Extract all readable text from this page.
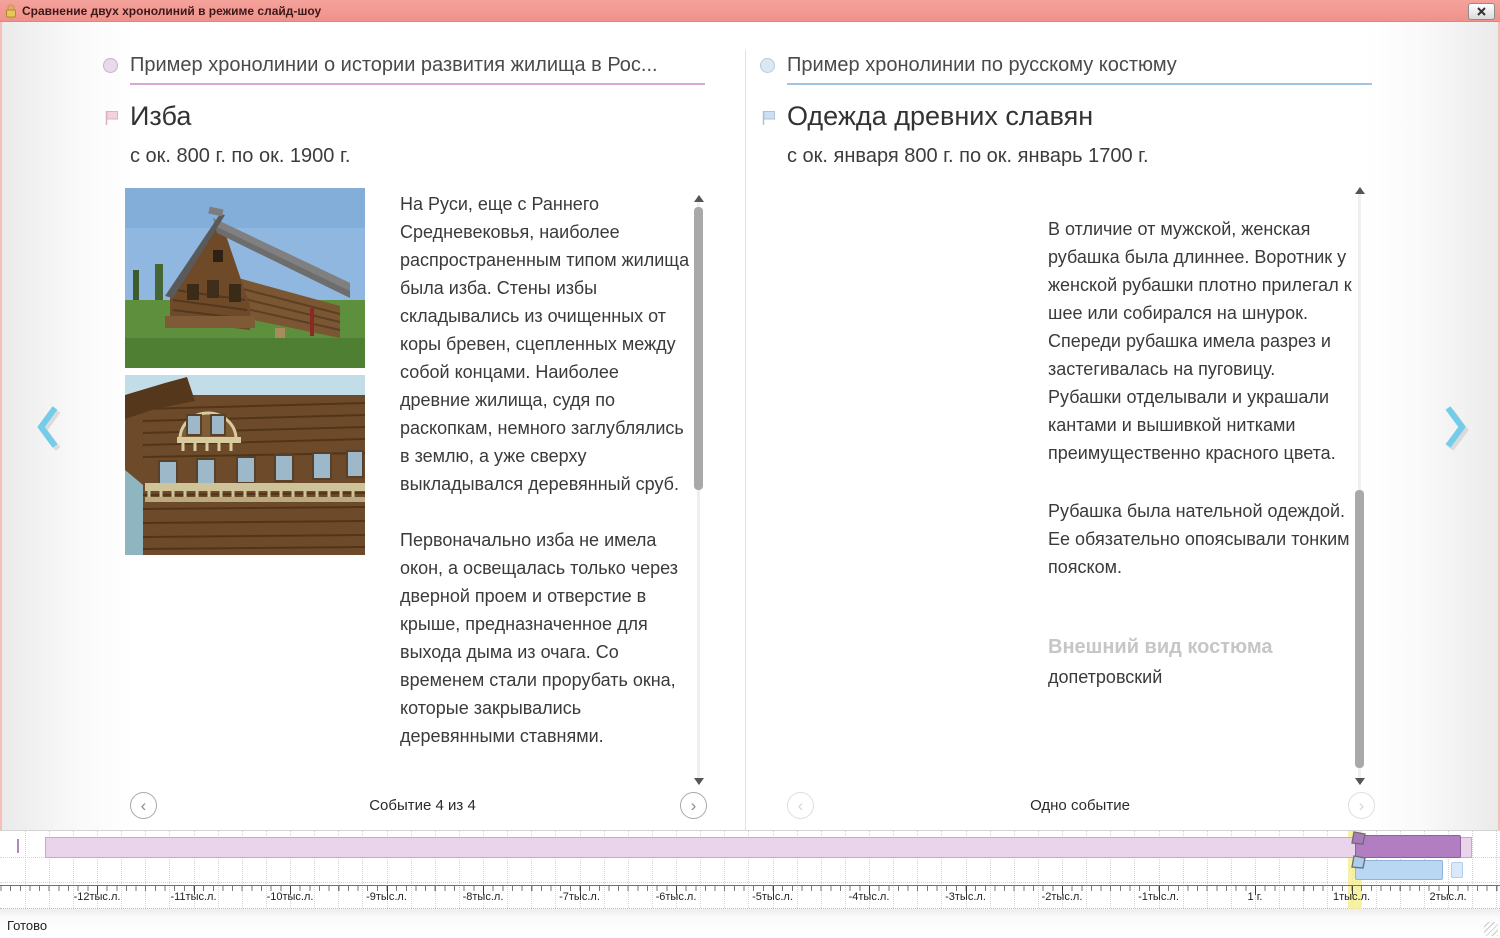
Сравнение двух хронолиний в режиме слайд-шоу
Пример хронолинии о истории развития жилища в Рос...
Изба
с ок. 800 г. по ок. 1900 г.

На Руси, еще с Раннего Средневековья, наиболее распространенным типом жилища была изба. Стены избы складывались из очищенных от коры бревен, сцепленных между собой концами. Наиболее древние жилища, судя по раскопкам, немного заглублялись в землю, а уже сверху выкладывался деревянный сруб.

Первоначально изба не имела окон, а освещалась только через дверной проем и отверстие в крыше, предназначенное для выхода дыма из очага. Со временем стали прорубать окна, которые закрывались деревянными ставнями.

‹	Событие 4 из 4	›
Пример хронолинии по русскому костюму
Одежда древних славян
с ок. января 800 г. по ок. январь 1700 г.

В отличие от мужской, женская рубашка была длиннее. Воротник у женской рубашки плотно прилегал к шее или собирался на шнурок. Спереди рубашка имела разрез и застегивалась на пуговицу. Рубашки отделывали и украшали кантами и вышивкой нитками преимущественно красного цвета.

Рубашка была нательной одеждой. Ее обязательно опоясывали тонким пояском.

Внешний вид костюма

допетровский

‹	Одно событие	›
-12тыс.л.	-11тыс.л.	-10тыс.л.	-9тыс.л.	-8тыс.л.	-7тыс.л.	-6тыс.л.	-5тыс.л.	-4тыс.л.	-3тыс.л.	-2тыс.л.	-1тыс.л.	1 г.	1тыс.л.	2тыс.л.
Готово
